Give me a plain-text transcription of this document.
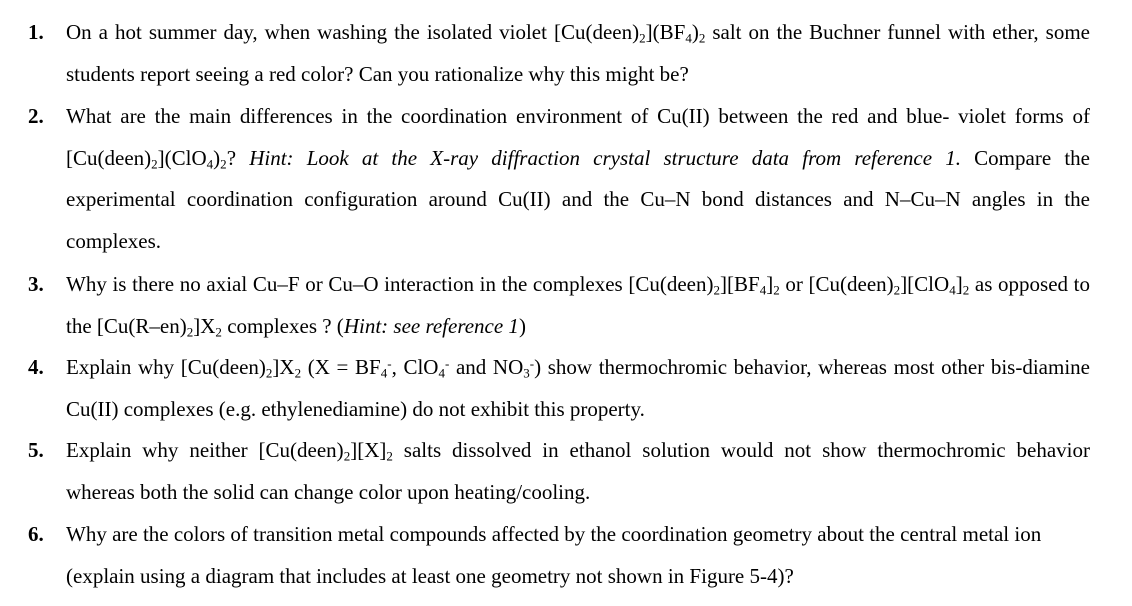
1. On a hot summer day, when washing the isolated violet $[Cu(deen)_2](BF_4)_2$ salt on the Buchner funnel with ether, some students report seeing a red color? Can you rationalize why this might be?
2. What are the main differences in the coordination environment of Cu(II) between the red and blue- violet forms of $[Cu(deen)_2](ClO_4)_2$? Hint: Look at the X-ray diffraction crystal structure data from reference 1. Compare the experimental coordination configuration around Cu(II) and the Cu–N bond distances and N–Cu–N angles in the complexes.
3. Why is there no axial Cu–F or Cu–O interaction in the complexes $[Cu(deen)_2][BF_4]_2$ or $[Cu(deen)_2][ClO_4]_2$ as opposed to the $[Cu(R-en)_2]X_2$ complexes ? (Hint: see reference 1)
4. Explain why $[Cu(deen)_2]X_2$ ($X = BF_4^-$, ClO$_4$- and $NO_3^-$) show thermochromic behavior, whereas most other bis-diamine Cu(II) complexes (e.g. ethylenediamine) do not exhibit this property.
5. Explain why neither $[Cu(deen)_2][X]_2$ salts dissolved in ethanol solution would not show thermochromic behavior whereas both the solid can change color upon heating/cooling.
6. Why are the colors of transition metal compounds affected by the coordination geometry about the central metal ion (explain using a diagram that includes at least one geometry not shown in Figure 5-4)?
